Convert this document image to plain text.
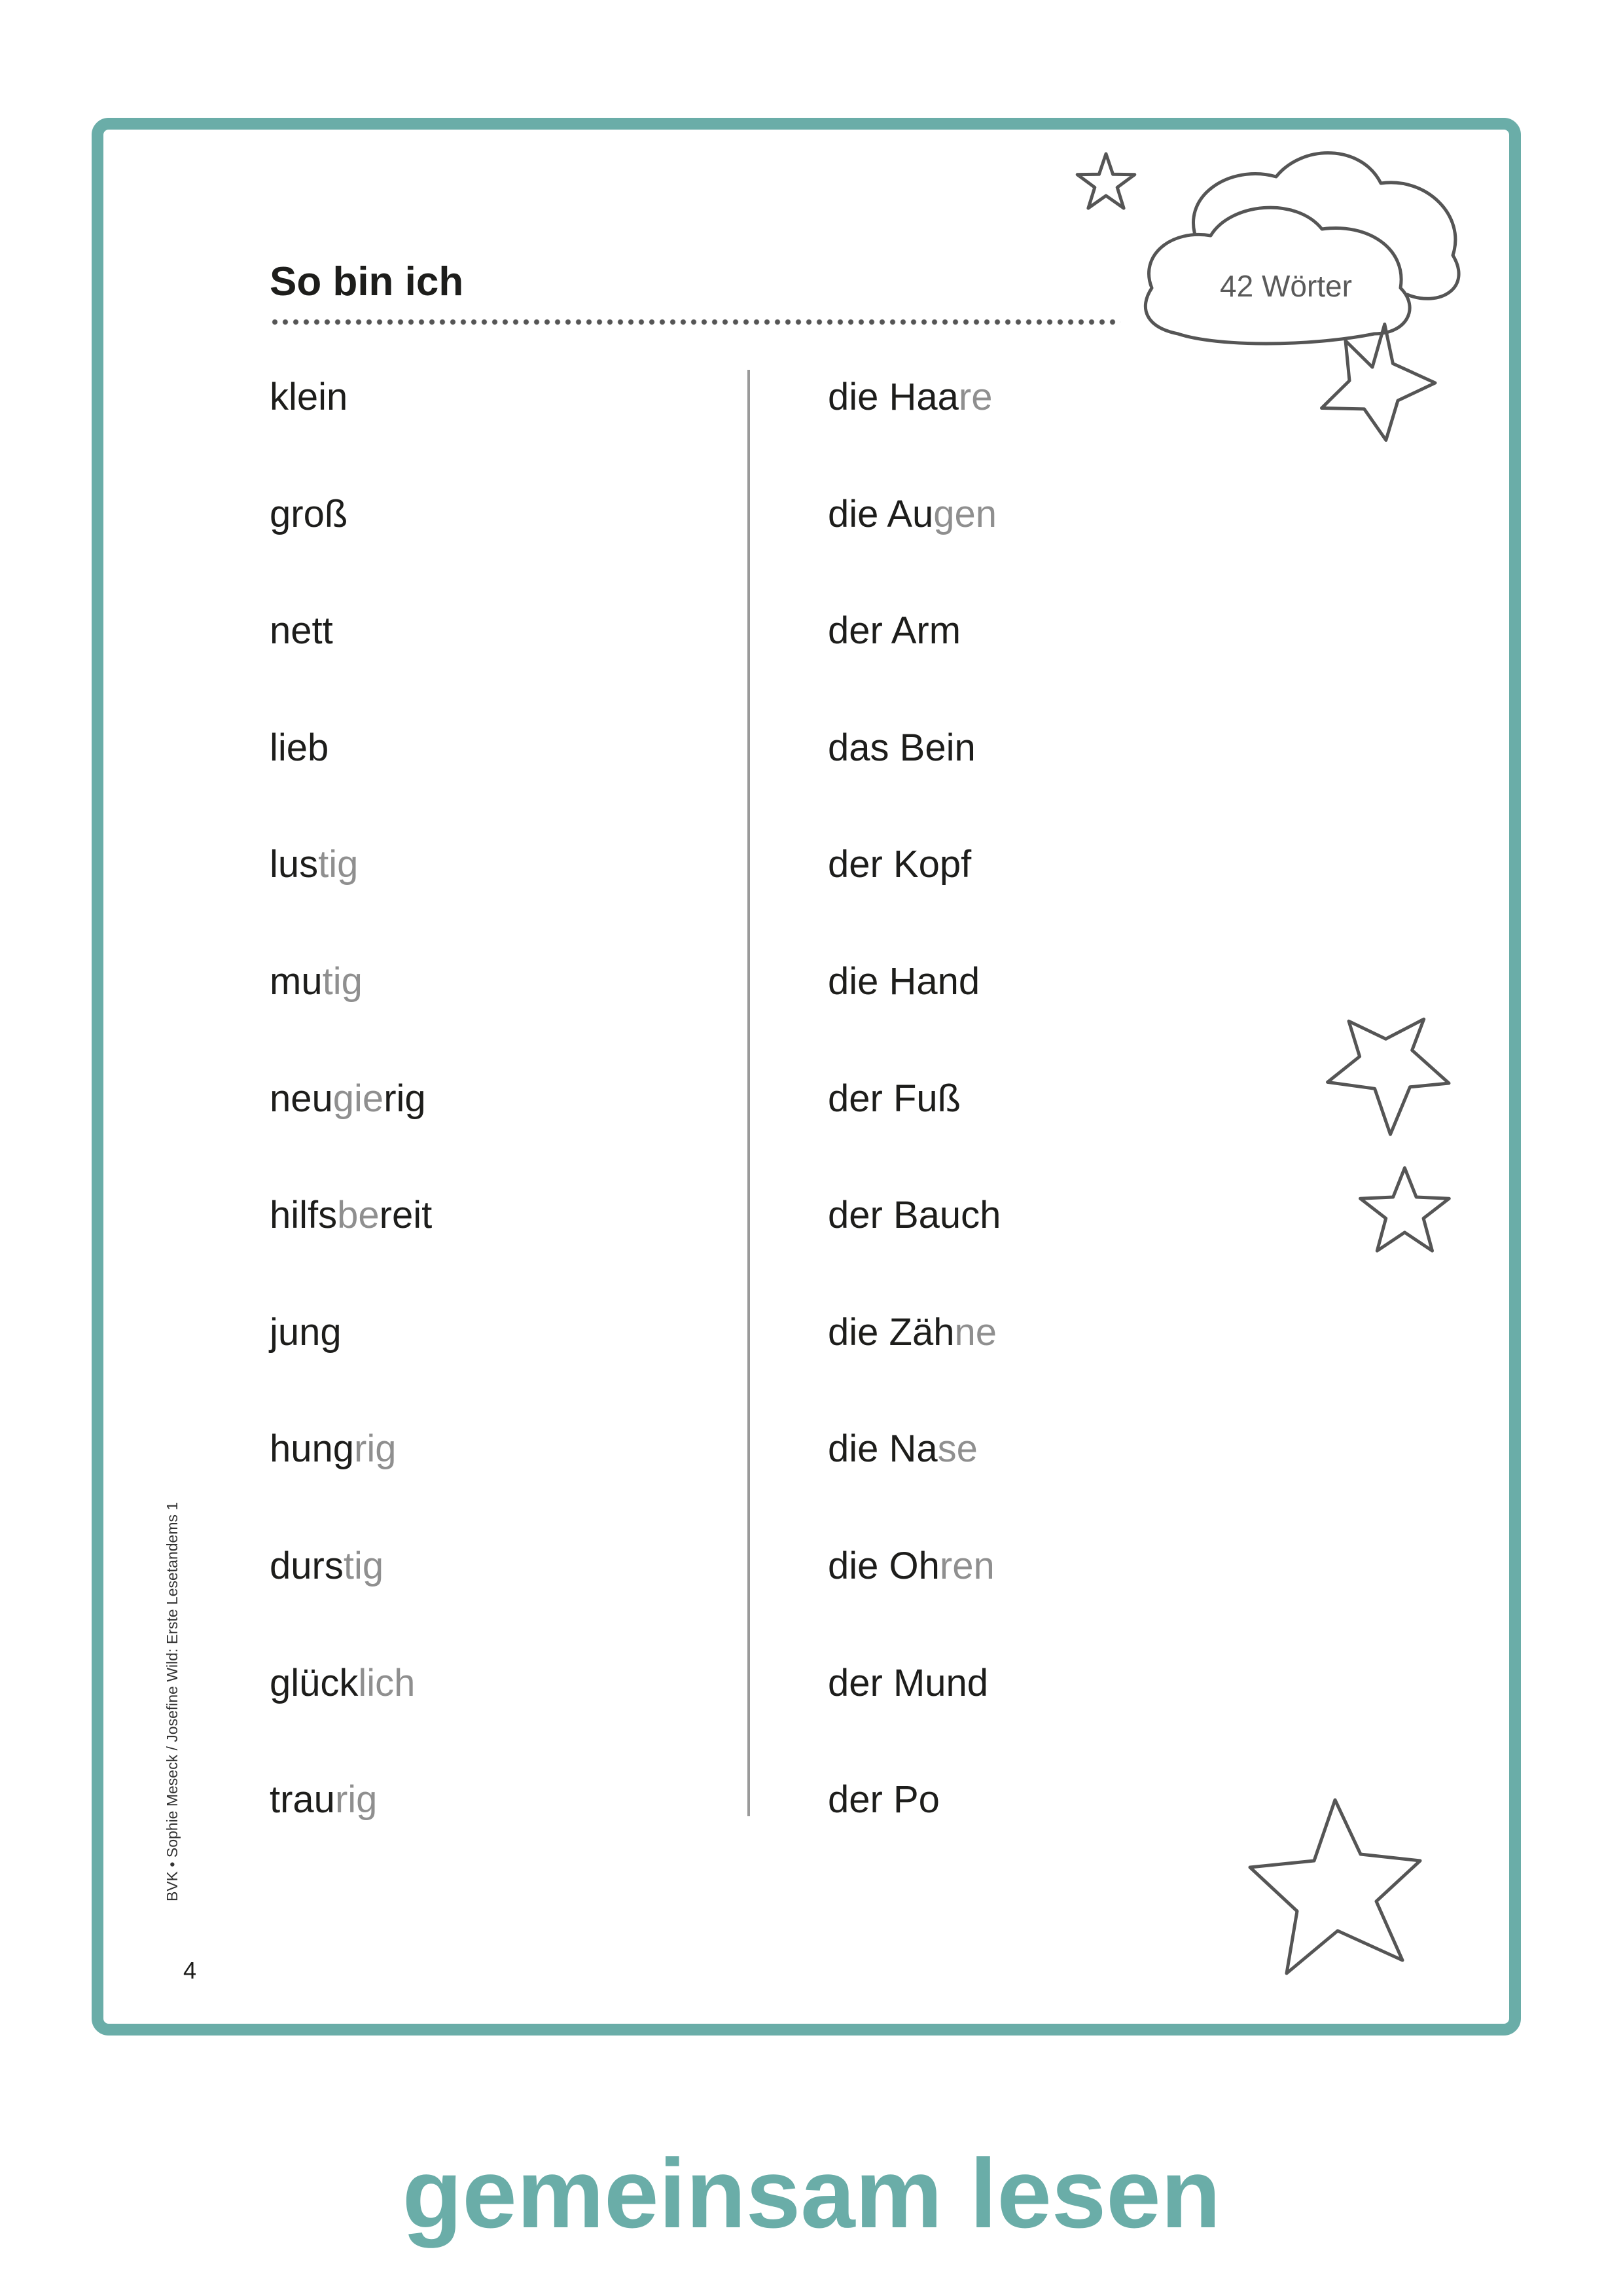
42 Wörter
So bin ich
klein
groß
nett
lieb
lustig
mutig
neugierig
hilfsbereit
jung
hungrig
durstig
glücklich
traurig
die Haare
die Augen
der Arm
das Bein
der Kopf
die Hand
der Fuß
der Bauch
die Zähne
die Nase
die Ohren
der Mund
der Po
BVK • Sophie Meseck / Josefine Wild: Erste Lesetandems 1
4
gemeinsam lesen
